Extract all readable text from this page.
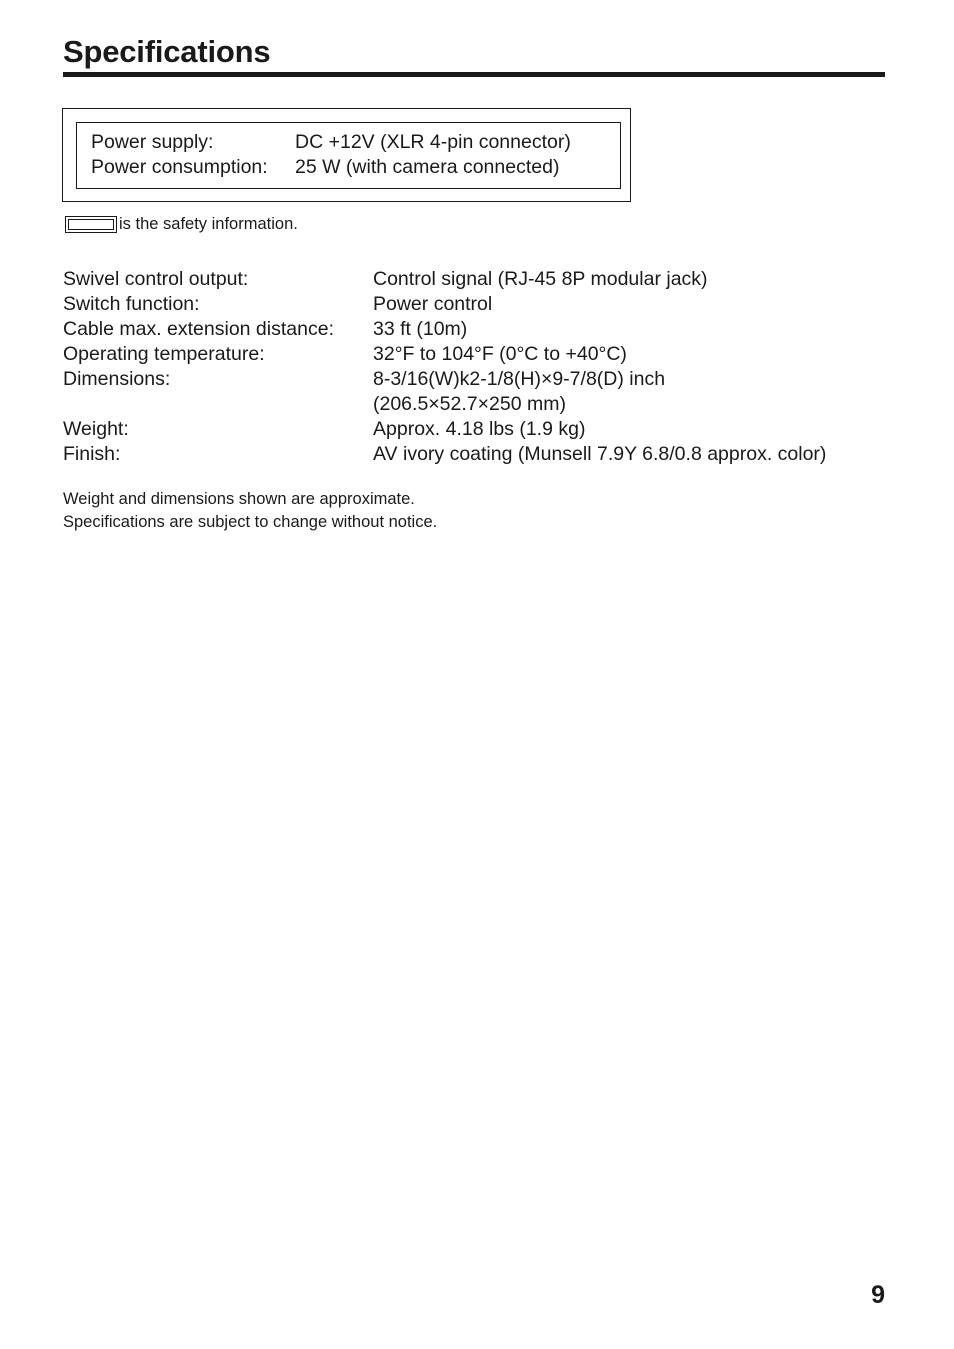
Specifications
Power supply:	DC +12V (XLR 4-pin connector)
Power consumption: 25 W (with camera connected)
is the safety information.
Swivel control output:	Control signal (RJ-45 8P modular jack)
Switch function:	Power control
Cable max. extension distance: 33 ft (10m)
Operating temperature:	32°F to 104°F (0°C to +40°C)
Dimensions:	8-3/16(W)k2-1/8(H)×9-7/8(D) inch
(206.5×52.7×250 mm)
Weight:	Approx. 4.18 lbs (1.9 kg)
Finish:	AV ivory coating (Munsell 7.9Y 6.8/0.8 approx. color)

Weight and dimensions shown are approximate.

Specifications are subject to change without notice.

9
